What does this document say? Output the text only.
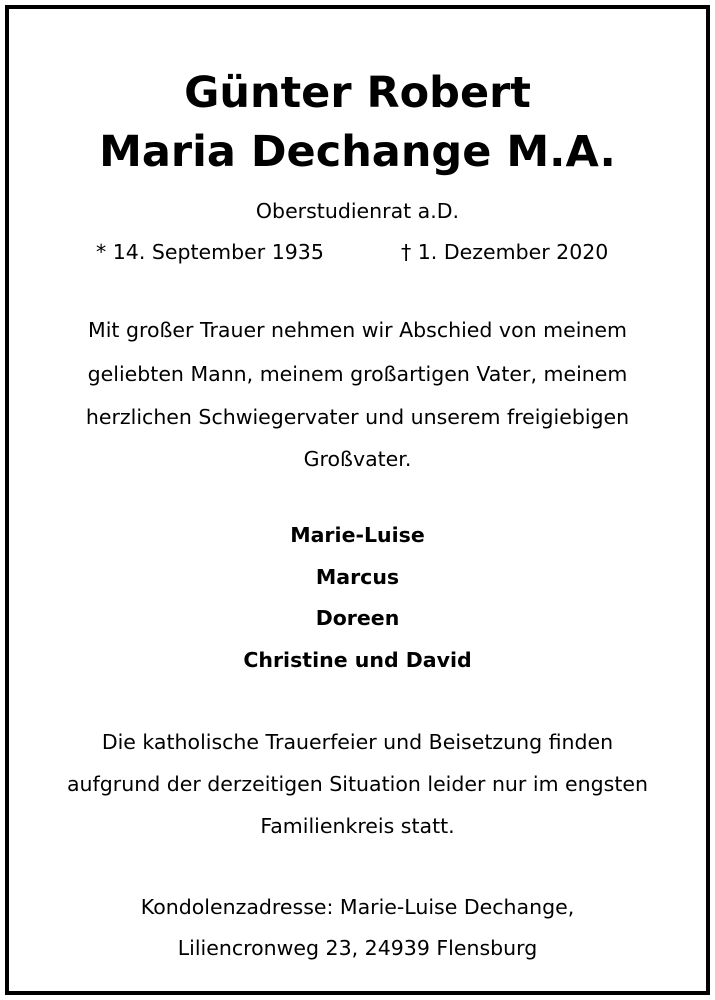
Günter Robert
Maria Dechange M.A.
Oberstudienrat a.D.
* 14. September 1935	† 1. Dezember 2020
Mit großer Trauer nehmen wir Abschied von meinem
geliebten Mann, meinem großartigen Vater, meinem
herzlichen Schwiegervater und unserem freigiebigen
Großvater.
Marie-Luise
Marcus
Doreen
Christine und David
Die katholische Trauerfeier und Beisetzung finden
aufgrund der derzeitigen Situation leider nur im engsten
Familienkreis statt.
Kondolenzadresse: Marie-Luise Dechange,
Liliencronweg 23, 24939 Flensburg
